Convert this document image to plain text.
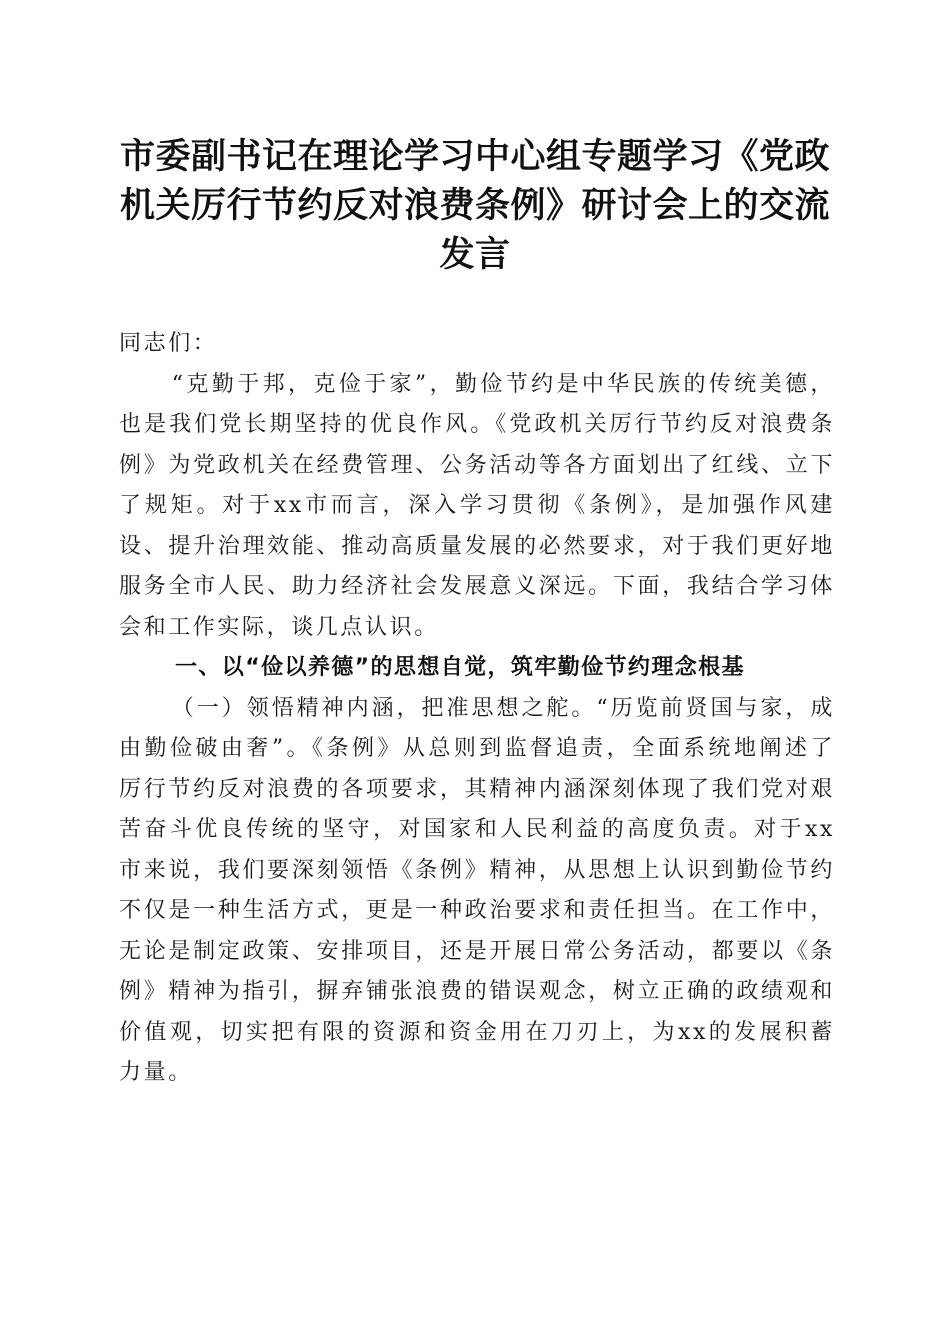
市委副书记在理论学习中心组专题学习《党政
机关厉行节约反对浪费条例》研讨会上的交流
发言

同志们：

“克勤于邦，克俭于家”，勤俭节约是中华民族的传统美德，也是我们党长期坚持的优良作风。《党政机关厉行节约反对浪费条例》为党政机关在经费管理、公务活动等各方面划出了红线、立下了规矩。对于xx市而言，深入学习贯彻《条例》，是加强作风建设、提升治理效能、推动高质量发展的必然要求，对于我们更好地服务全市人民、助力经济社会发展意义深远。下面，我结合学习体会和工作实际，谈几点认识。

一、以“俭以养德”的思想自觉，筑牢勤俭节约理念根基

（一）领悟精神内涵，把准思想之舵。“历览前贤国与家，成由勤俭破由奢”。《条例》从总则到监督追责，全面系统地阐述了厉行节约反对浪费的各项要求，其精神内涵深刻体现了我们党对艰苦奋斗优良传统的坚守，对国家和人民利益的高度负责。对于xx市来说，我们要深刻领悟《条例》精神，从思想上认识到勤俭节约不仅是一种生活方式，更是一种政治要求和责任担当。在工作中，无论是制定政策、安排项目，还是开展日常公务活动，都要以《条例》精神为指引，摒弃铺张浪费的错误观念，树立正确的政绩观和价值观，切实把有限的资源和资金用在刀刃上，为xx的发展积蓄力量。
